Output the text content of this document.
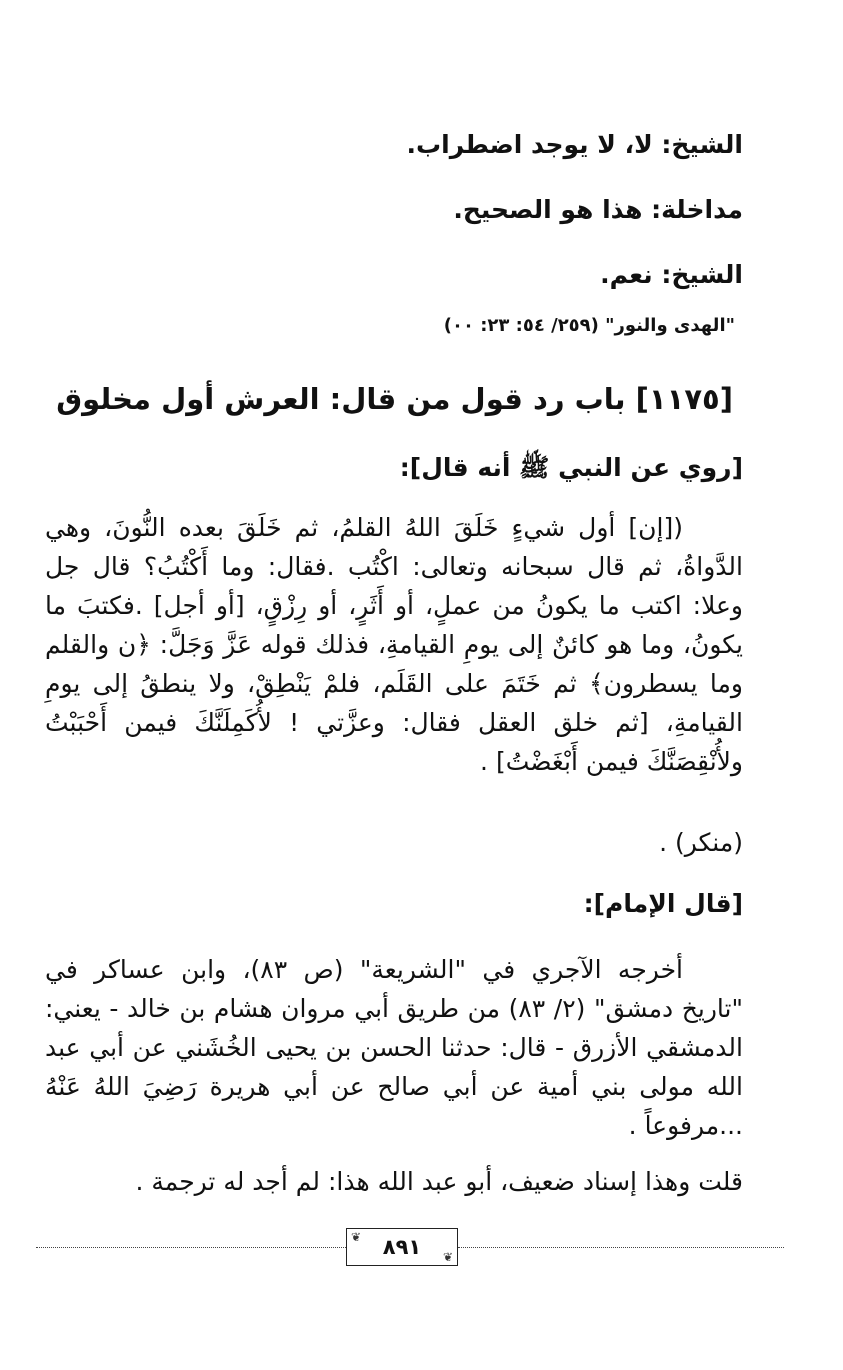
الشيخ: لا، لا يوجد اضطراب.

مداخلة: هذا هو الصحيح.

الشيخ: نعم.

"الهدى والنور" (٢٥٩/ ٥٤: ٢٣: ٠٠)

[١١٧٥] باب رد قول من قال: العرش أول مخلوق

[روي عن النبي ﷺ أنه قال]:

([إن] أول شيءٍ خَلَقَ اللهُ القلمُ، ثم خَلَقَ بعده النُّونَ، وهي الدَّواةُ، ثم قال سبحانه وتعالى: اكْتُب .فقال: وما أَكْتُبُ؟ قال جل وعلا: اكتب ما يكونُ من عملٍ، أو أَثَرٍ، أو رِزْقٍ، [أو أجل] .فكتبَ ما يكونُ، وما هو كائنٌ إلى يومِ القيامةِ، فذلك قوله عَزَّ وَجَلَّ: ﴿ن والقلم وما يسطرون﴾ ثم خَتَمَ على القَلَم، فلمْ يَنْطِقْ، ولا ينطقُ إلى يومِ القيامةِ، [ثم خلق العقل فقال: وعزَّتي ! لأُكَمِلَنَّكَ فيمن أَحْبَبْتُ ولأُنْقِصَنَّكَ فيمن أَبْغَضْتُ] .

(منكر) .

[قال الإمام]:

أخرجه الآجري في "الشريعة" (ص ٨٣)، وابن عساكر في "تاريخ دمشق" (٢/ ٨٣) من طريق أبي مروان هشام بن خالد - يعني: الدمشقي الأزرق - قال: حدثنا الحسن بن يحيى الخُشَني عن أبي عبد الله مولى بني أمية عن أبي صالح عن أبي هريرة رَضِيَ اللهُ عَنْهُ ...مرفوعاً .

قلت وهذا إسناد ضعيف، أبو عبد الله هذا: لم أجد له ترجمة .

❦ ٨٩١ ❦
